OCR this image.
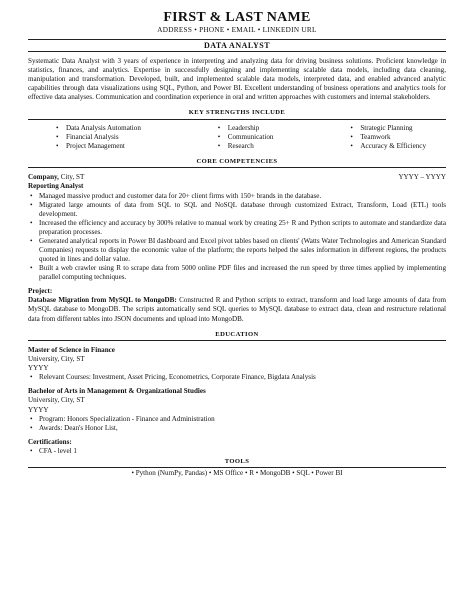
FIRST & LAST NAME
ADDRESS • PHONE • EMAIL • LINKEDIN URL
DATA ANALYST

Systematic Data Analyst with 3 years of experience in interpreting and analyzing data for driving business solutions. Proficient knowledge in statistics, finances, and analytics. Expertise in successfully designing and implementing scalable data models, including data cleaning, manipulation and transformation. Developed, built, and implemented scalable data models, interpreted data, and enabled advanced analytic capabilities through data visualizations using SQL, Python, and Power BI. Excellent understanding of business operations and analytics tools for effective data analyses. Communication and coordination experience in oral and written approaches with customers and internal stakeholders.

KEY STRENGTHS INCLUDE
• Data Analysis Automation
• Financial Analysis
• Project Management
• Leadership
• Communication
• Research
• Strategic Planning
• Teamwork
• Accuracy & Efficiency
CORE COMPETENCIES
Company, City, ST	YYYY – YYYY
Reporting Analyst
• Managed massive product and customer data for 20+ client firms with 150+ brands in the database.
• Migrated large amounts of data from SQL to SQL and NoSQL database through customized Extract, Transform, Load (ETL) tools development.
• Increased the efficiency and accuracy by 300% relative to manual work by creating 25+ R and Python scripts to automate and standardize data preparation processes.
• Generated analytical reports in Power BI dashboard and Excel pivot tables based on clients' (Watts Water Technologies and American Standard Companies) requests to display the economic value of the platform; the reports helped the sales information in different regions, the products quoted in lines and dollar value.
• Built a web crawler using R to scrape data from 5000 online PDF files and increased the run speed by three times applied by implementing parallel computing techniques.
Project:
Database Migration from MySQL to MongoDB: Constructed R and Python scripts to extract, transform and load large amounts of data from MySQL database to MongoDB. The scripts automatically send SQL queries to MySQL database to extract data, clean and restructure relational data from different tables into JSON documents and upload into MongoDB.
EDUCATION
Master of Science in Finance
University, City, ST
YYYY
• Relevant Courses: Investment, Asset Pricing, Econometrics, Corporate Finance, Bigdata Analysis
Bachelor of Arts in Management & Organizational Studies
University, City, ST
YYYY
• Program: Honors Specialization - Finance and Administration
• Awards: Dean's Honor List,
Certifications:
• CFA - level 1
TOOLS
• Python (NumPy, Pandas) • MS Office • R • MongoDB • SQL • Power BI
